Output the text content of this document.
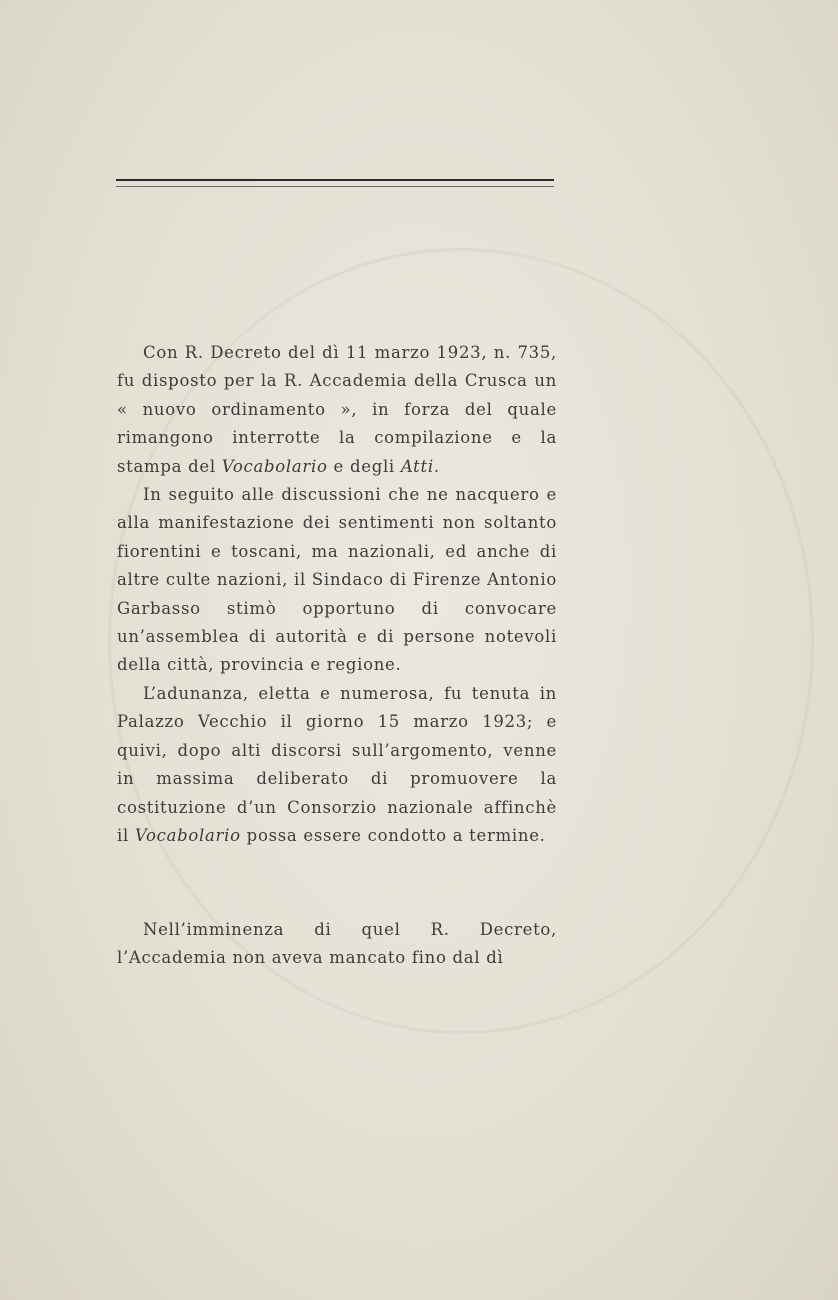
Con R. Decreto del dì 11 marzo 1923, n. 735, fu disposto per la R. Accademia della Crusca un « nuovo ordinamento », in forza del quale rimangono interrotte la compilazione e la stampa del Vocabolario e degli Atti.

In seguito alle discussioni che ne nacquero e alla manifestazione dei sentimenti non soltanto fiorentini e toscani, ma nazionali, ed anche di altre culte nazioni, il Sindaco di Firenze Antonio Garbasso stimò opportuno di convocare un’assemblea di autorità e di persone notevoli della città, provincia e regione.

L’adunanza, eletta e numerosa, fu tenuta in Palazzo Vecchio il giorno 15 marzo 1923; e quivi, dopo alti discorsi sull’argomento, venne in massima deliberato di promuovere la costituzione d’un Consorzio nazionale affinchè il Vocabolario possa essere condotto a termine.

Nell’imminenza di quel R. Decreto, l’Accademia non aveva mancato fino dal dì
